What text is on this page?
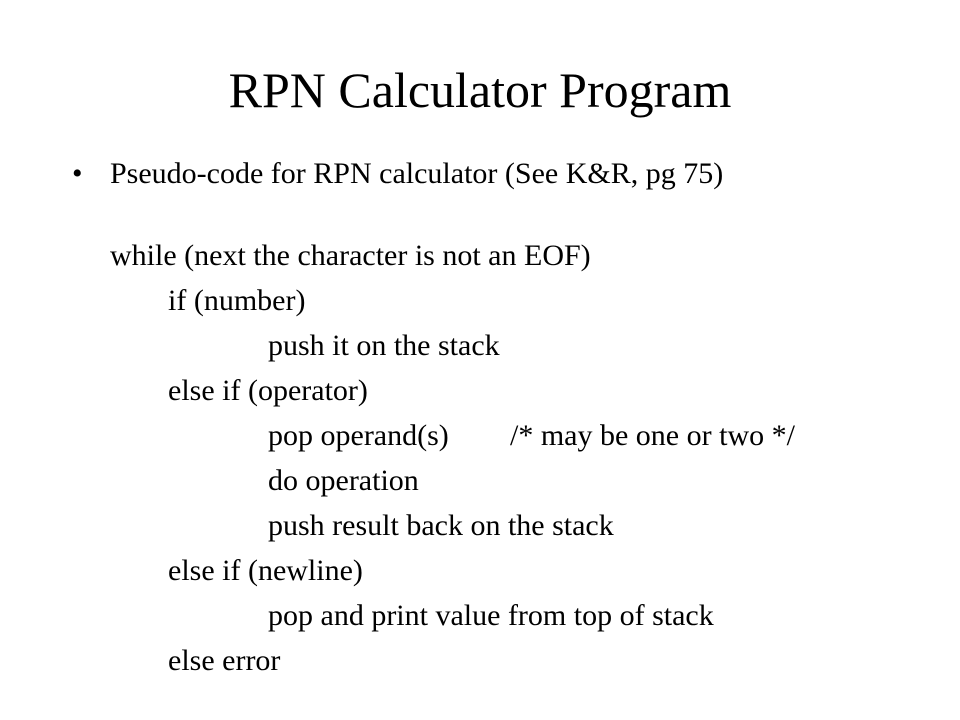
RPN Calculator Program
• Pseudo-code for RPN calculator (See K&R, pg 75)
while (next the character is not an EOF)
if (number)
push it on the stack
else if (operator)
pop operand(s) /* may be one or two */
do operation
push result back on the stack
else if (newline)
pop and print value from top of stack
else error
